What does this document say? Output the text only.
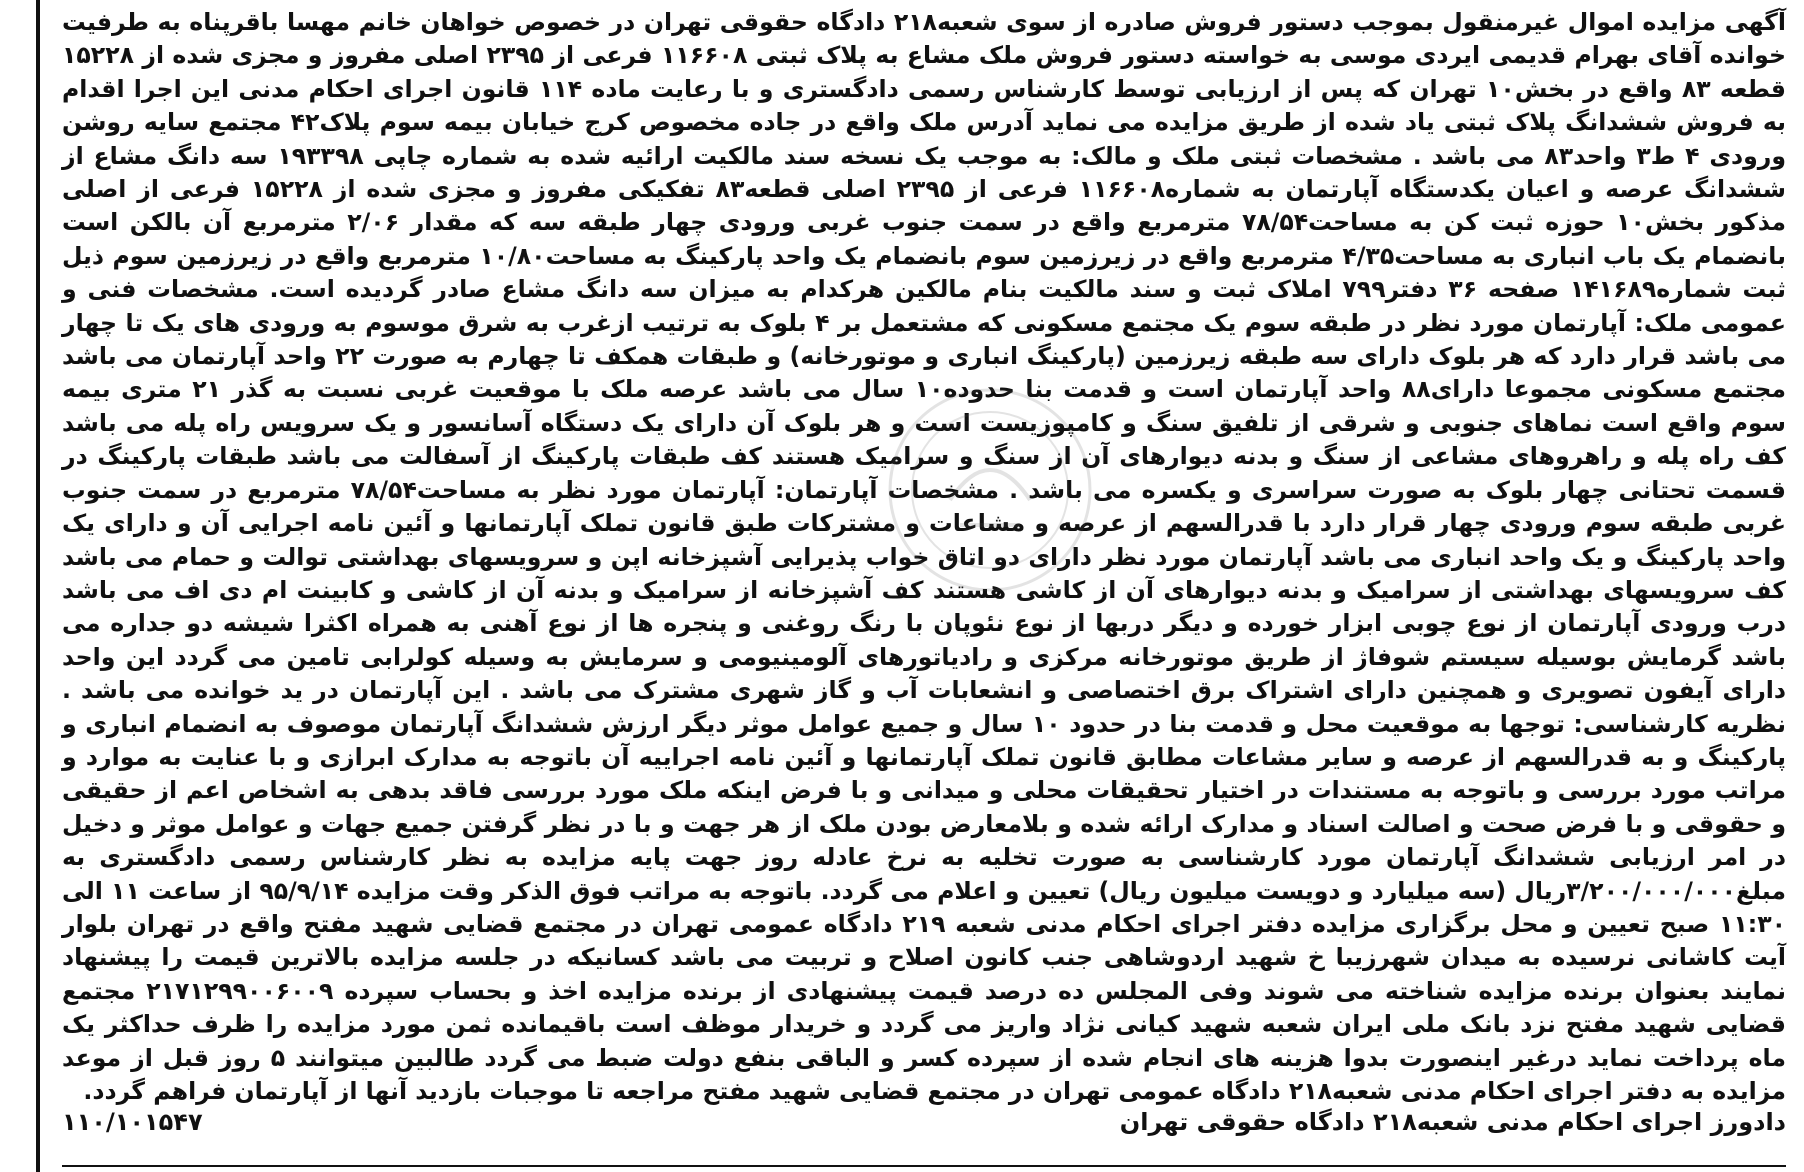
آگهی مزایده اموال غیرمنقول بموجب دستور فروش صادره از سوی شعبه۲۱۸ دادگاه حقوقی تهران در خصوص خواهان خانم مهسا باقرپناه به طرفیت خوانده آقای بهرام قدیمی ایردی موسی به خواسته دستور فروش ملک مشاع به پلاک ثبتی ۱۱۶۶۰۸ فرعی از ۲۳۹۵ اصلی مفروز و مجزی شده از ۱۵۲۲۸ قطعه ۸۳ واقع در بخش۱۰ تهران که پس از ارزیابی توسط کارشناس رسمی دادگستری و با رعایت ماده ۱۱۴ قانون اجرای احکام مدنی این اجرا اقدام به فروش ششدانگ پلاک ثبتی یاد شده از طریق مزایده می نماید آدرس ملک واقع در جاده مخصوص کرج خیابان بیمه سوم پلاک۴۲ مجتمع سایه روشن ورودی ۴ ط۳ واحد۸۳ می باشد . مشخصات ثبتی ملک و مالک: به موجب یک نسخه سند مالکیت ارائیه شده به شماره چاپی ۱۹۳۳۹۸ سه دانگ مشاع از ششدانگ عرصه و اعیان یکدستگاه آپارتمان به شماره۱۱۶۶۰۸ فرعی از ۲۳۹۵ اصلی قطعه۸۳ تفکیکی مفروز و مجزی شده از ۱۵۲۲۸ فرعی از اصلی مذکور بخش۱۰ حوزه ثبت کن به مساحت۷۸/۵۴ مترمربع واقع در سمت جنوب غربی ورودی چهار طبقه سه که مقدار ۲/۰۶ مترمربع آن بالکن است بانضمام یک باب انباری به مساحت۴/۳۵ مترمربع واقع در زیرزمین سوم بانضمام یک واحد پارکینگ به مساحت۱۰/۸۰ مترمربع واقع در زیرزمین سوم ذیل ثبت شماره۱۴۱۶۸۹ صفحه ۳۶ دفتر۷۹۹ املاک ثبت و سند مالکیت بنام مالکین هرکدام به میزان سه دانگ مشاع صادر گردیده است. مشخصات فنی و عمومی ملک: آپارتمان مورد نظر در طبقه سوم یک مجتمع مسکونی که مشتعمل بر ۴ بلوک به ترتیب ازغرب به شرق موسوم به ورودی های یک تا چهار می باشد قرار دارد که هر بلوک دارای سه طبقه زیرزمین (پارکینگ انباری و موتورخانه) و طبقات همکف تا چهارم به صورت ۲۲ واحد آپارتمان می باشد مجتمع مسکونی مجموعا دارای۸۸ واحد آپارتمان است و قدمت بنا حدوده۱۰ سال می باشد عرصه ملک با موقعیت غربی نسبت به گذر ۲۱ متری بیمه سوم واقع است نماهای جنوبی و شرقی از تلفیق سنگ و کامپوزیست است و هر بلوک آن دارای یک دستگاه آسانسور و یک سرویس راه پله می باشد کف راه پله و راهروهای مشاعی از سنگ و بدنه دیوارهای آن از سنگ و سرامیک هستند کف طبقات پارکینگ از آسفالت می باشد طبقات پارکینگ در قسمت تحتانی چهار بلوک به صورت سراسری و یکسره می باشد . مشخصات آپارتمان: آپارتمان مورد نظر به مساحت۷۸/۵۴ مترمربع در سمت جنوب غربی طبقه سوم ورودی چهار قرار دارد با قدرالسهم از عرصه و مشاعات و مشترکات طبق قانون تملک آپارتمانها و آئین نامه اجرایی آن و دارای یک واحد پارکینگ و یک واحد انباری می باشد آپارتمان مورد نظر دارای دو اتاق خواب پذیرایی آشپزخانه اپن و سرویسهای بهداشتی توالت و حمام می باشد کف سرویسهای بهداشتی از سرامیک و بدنه دیوارهای آن از کاشی هستند کف آشپزخانه از سرامیک و بدنه آن از کاشی و کابینت ام دی اف می باشد درب ورودی آپارتمان از نوع چوبی ابزار خورده و دیگر دربها از نوع نئوپان با رنگ روغنی و پنجره ها از نوع آهنی به همراه اکثرا شیشه دو جداره می باشد گرمایش بوسیله سیستم شوفاژ از طریق موتورخانه مرکزی و رادیاتورهای آلومینیومی و سرمایش به وسیله کولرابی تامین می گردد این واحد دارای آیفون تصویری و همچنین دارای اشتراک برق اختصاصی و انشعابات آب و گاز شهری مشترک می باشد . این آپارتمان در ید خوانده می باشد . نظریه کارشناسی: توجها به موقعیت محل و قدمت بنا در حدود ۱۰ سال و جمیع عوامل موثر دیگر ارزش ششدانگ آپارتمان موصوف به انضمام انباری و پارکینگ و به قدرالسهم از عرصه و سایر مشاعات مطابق قانون تملک آپارتمانها و آئین نامه اجراییه آن باتوجه به مدارک ابرازی و با عنایت به موارد و مراتب مورد بررسی و باتوجه به مستندات در اختیار تحقیقات محلی و میدانی و با فرض اینکه ملک مورد بررسی فاقد بدهی به اشخاص اعم از حقیقی و حقوقی و با فرض صحت و اصالت اسناد و مدارک ارائه شده و بلامعارض بودن ملک از هر جهت و با در نظر گرفتن جمیع جهات و عوامل موثر و دخیل در امر ارزیابی ششدانگ آپارتمان مورد کارشناسی به صورت تخلیه به نرخ عادله روز جهت پایه مزایده به نظر کارشناس رسمی دادگستری به مبلغ۳/۲۰۰/۰۰۰/۰۰۰ریال (سه میلیارد و دویست میلیون ریال) تعیین و اعلام می گردد. باتوجه به مراتب فوق الذکر وقت مزایده ۹۵/۹/۱۴ از ساعت ۱۱ الی ۱۱:۳۰ صبح تعیین و محل برگزاری مزایده دفتر اجرای احکام مدنی شعبه ۲۱۹ دادگاه عمومی تهران در مجتمع قضایی شهید مفتح واقع در تهران بلوار آیت کاشانی نرسیده به میدان شهرزیبا خ شهید اردوشاهی جنب کانون اصلاح و تربیت می باشد کسانیکه در جلسه مزایده بالاترین قیمت را پیشنهاد نمایند بعنوان برنده مزایده شناخته می شوند وفی المجلس ده درصد قیمت پیشنهادی از برنده مزایده اخذ و بحساب سپرده ۲۱۷۱۲۹۹۰۰۶۰۰۹ مجتمع قضایی شهید مفتح نزد بانک ملی ایران شعبه شهید کیانی نژاد واریز می گردد و خریدار موظف است باقیمانده ثمن مورد مزایده را ظرف حداکثر یک ماه پرداخت نماید درغیر اینصورت بدوا هزینه های انجام شده از سپرده کسر و الباقی بنفع دولت ضبط می گردد طالبین میتوانند ۵ روز قبل از موعد مزایده به دفتر اجرای احکام مدنی شعبه۲۱۸ دادگاه عمومی تهران در مجتمع قضایی شهید مفتح مراجعه تا موجبات بازدید آنها از آپارتمان فراهم گردد.

دادورز اجرای احکام مدنی شعبه۲۱۸ دادگاه حقوقی تهران
۱۱۰/۱۰۱۵۴۷
